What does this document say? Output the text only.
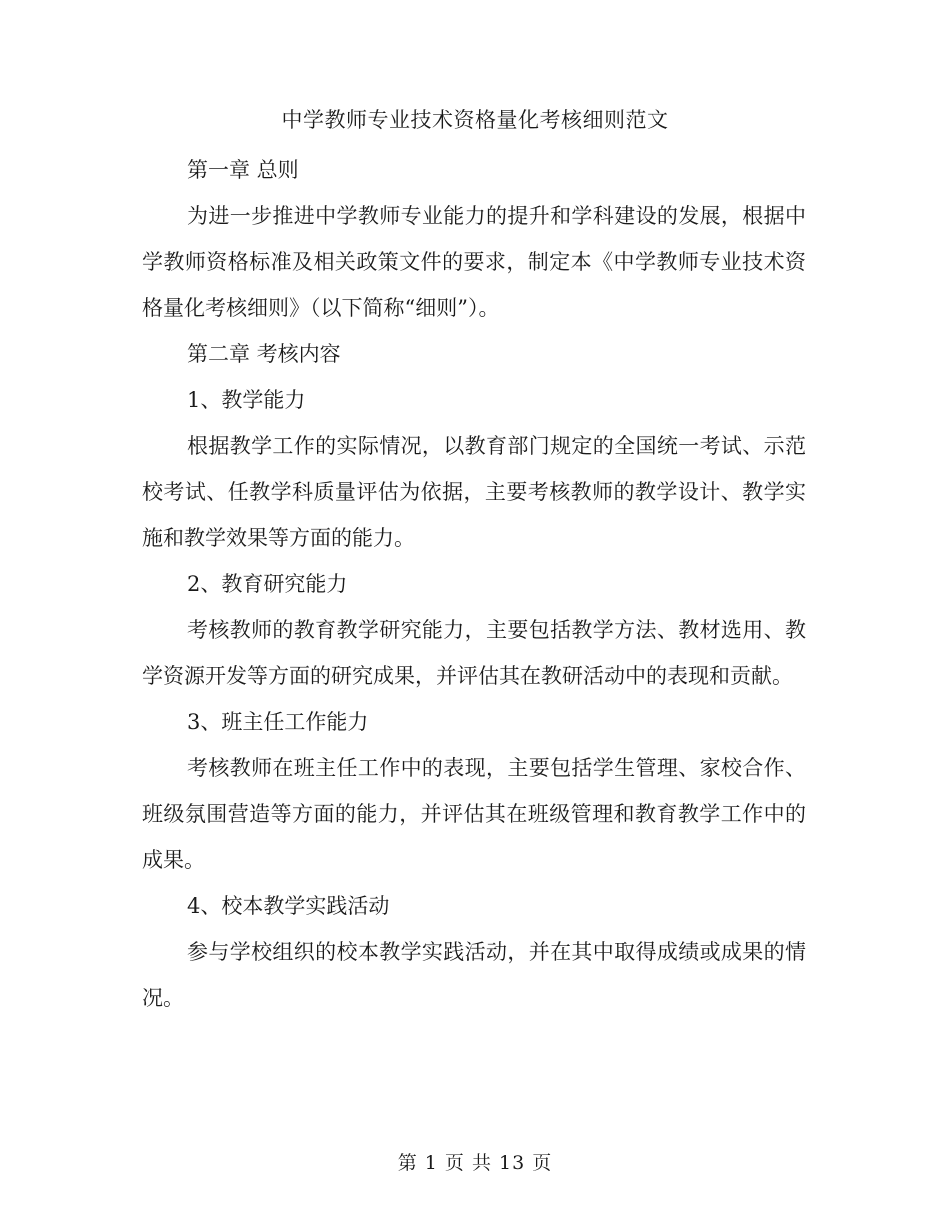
中学教师专业技术资格量化考核细则范文

第一章 总则

为进一步推进中学教师专业能力的提升和学科建设的发展，根据中学教师资格标准及相关政策文件的要求，制定本《中学教师专业技术资格量化考核细则》（以下简称“细则”）。

第二章 考核内容

1、教学能力

根据教学工作的实际情况，以教育部门规定的全国统一考试、示范校考试、任教学科质量评估为依据，主要考核教师的教学设计、教学实施和教学效果等方面的能力。

2、教育研究能力

考核教师的教育教学研究能力，主要包括教学方法、教材选用、教学资源开发等方面的研究成果，并评估其在教研活动中的表现和贡献。

3、班主任工作能力

考核教师在班主任工作中的表现，主要包括学生管理、家校合作、班级氛围营造等方面的能力，并评估其在班级管理和教育教学工作中的成果。

4、校本教学实践活动

参与学校组织的校本教学实践活动，并在其中取得成绩或成果的情况。

第 1 页 共 13 页
